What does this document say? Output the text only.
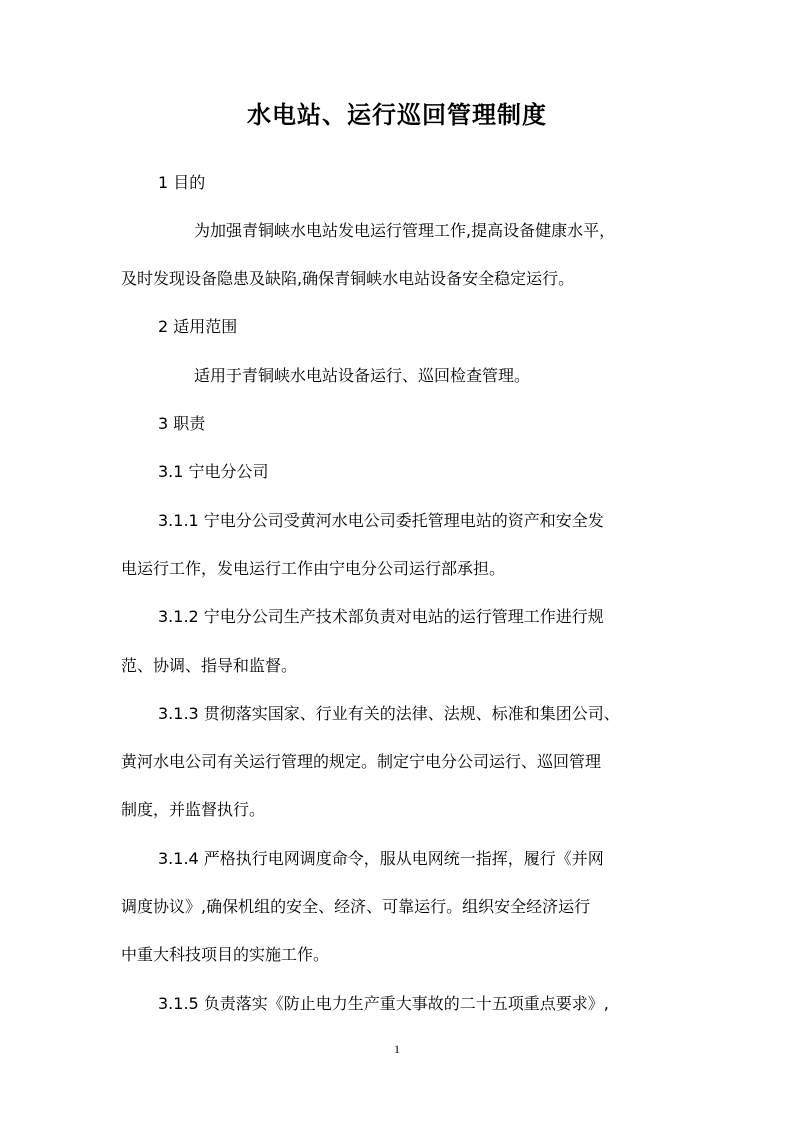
水电站、运行巡回管理制度

1 目的

为加强青铜峡水电站发电运行管理工作,提高设备健康水平，

及时发现设备隐患及缺陷,确保青铜峡水电站设备安全稳定运行。

2 适用范围

适用于青铜峡水电站设备运行、巡回检查管理。

3 职责

3.1 宁电分公司

3.1.1 宁电分公司受黄河水电公司委托管理电站的资产和安全发

电运行工作，发电运行工作由宁电分公司运行部承担。

3.1.2 宁电分公司生产技术部负责对电站的运行管理工作进行规

范、协调、指导和监督。

3.1.3 贯彻落实国家、行业有关的法律、法规、标准和集团公司、

黄河水电公司有关运行管理的规定。制定宁电分公司运行、巡回管理

制度，并监督执行。

3.1.4 严格执行电网调度命令，服从电网统一指挥，履行《并网

调度协议》,确保机组的安全、经济、可靠运行。组织安全经济运行

中重大科技项目的实施工作。

3.1.5 负责落实《防止电力生产重大事故的二十五项重点要求》,

1
